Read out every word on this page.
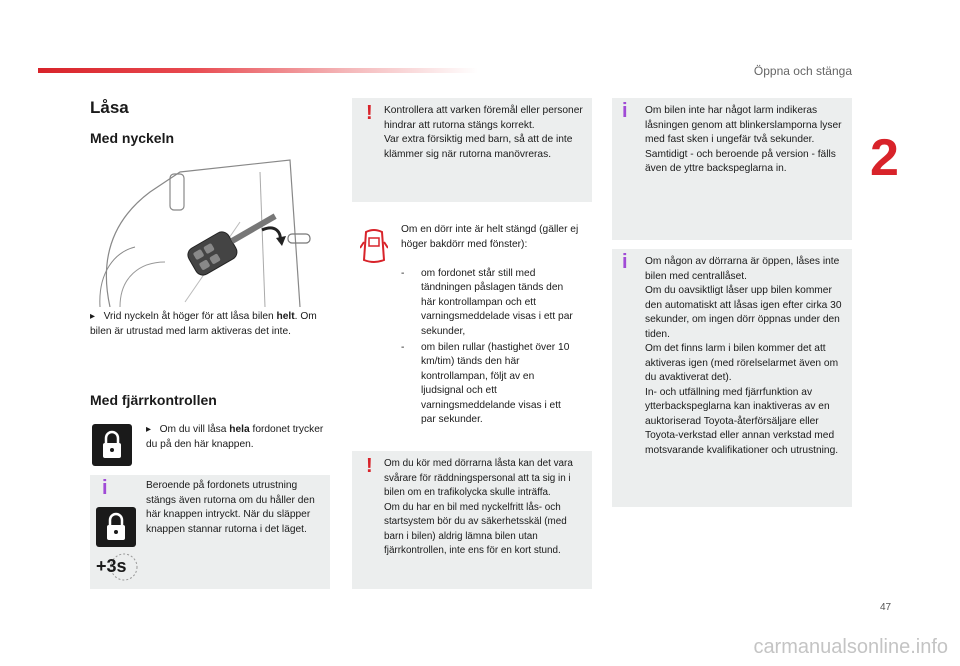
Öppna och stänga
2
47
Låsa
Med nyckeln
▸ Vrid nyckeln åt höger för att låsa bilen helt. Om bilen är utrustad med larm aktiveras det inte.
Med fjärrkontrollen
▸ Om du vill låsa hela fordonet trycker du på den här knappen.
i
+3s
Beroende på fordonets utrustning stängs även rutorna om du håller den här knappen intryckt. När du släpper knappen stannar rutorna i det läget.
! Kontrollera att varken föremål eller personer hindrar att rutorna stängs korrekt.
Var extra försiktig med barn, så att de inte klämmer sig när rutorna manövreras.
Om en dörr inte är helt stängd (gäller ej höger bakdörr med fönster):

-	om fordonet står still med tändningen påslagen tänds den här kontrollampan och ett varningsmeddelade visas i ett par sekunder,

-	om bilen rullar (hastighet över 10 km/tim) tänds den här kontrollampan, följt av en ljudsignal och ett varningsmeddelande visas i ett par sekunder.

! Om du kör med dörrarna låsta kan det vara svårare för räddningspersonal att ta sig in i bilen om en trafikolycka skulle inträffa.
Om du har en bil med nyckelfritt lås- och startsystem bör du av säkerhetsskäl (med barn i bilen) aldrig lämna bilen utan fjärrkontrollen, inte ens för en kort stund.
i Om bilen inte har något larm indikeras låsningen genom att blinkerslamporna lyser med fast sken i ungefär två sekunder.
Samtidigt - och beroende på version - fälls även de yttre backspeglarna in.
i Om någon av dörrarna är öppen, låses inte bilen med centrallåset.
Om du oavsiktligt låser upp bilen kommer den automatiskt att låsas igen efter cirka 30 sekunder, om ingen dörr öppnas under den tiden.
Om det finns larm i bilen kommer det att aktiveras igen (med rörelselarmet även om du avaktiverat det).
In- och utfällning med fjärrfunktion av ytterbackspeglarna kan inaktiveras av en auktoriserad Toyota-återförsäljare eller Toyota-verkstad eller annan verkstad med motsvarande kvalifikationer och utrustning.
carmanualsonline.info
